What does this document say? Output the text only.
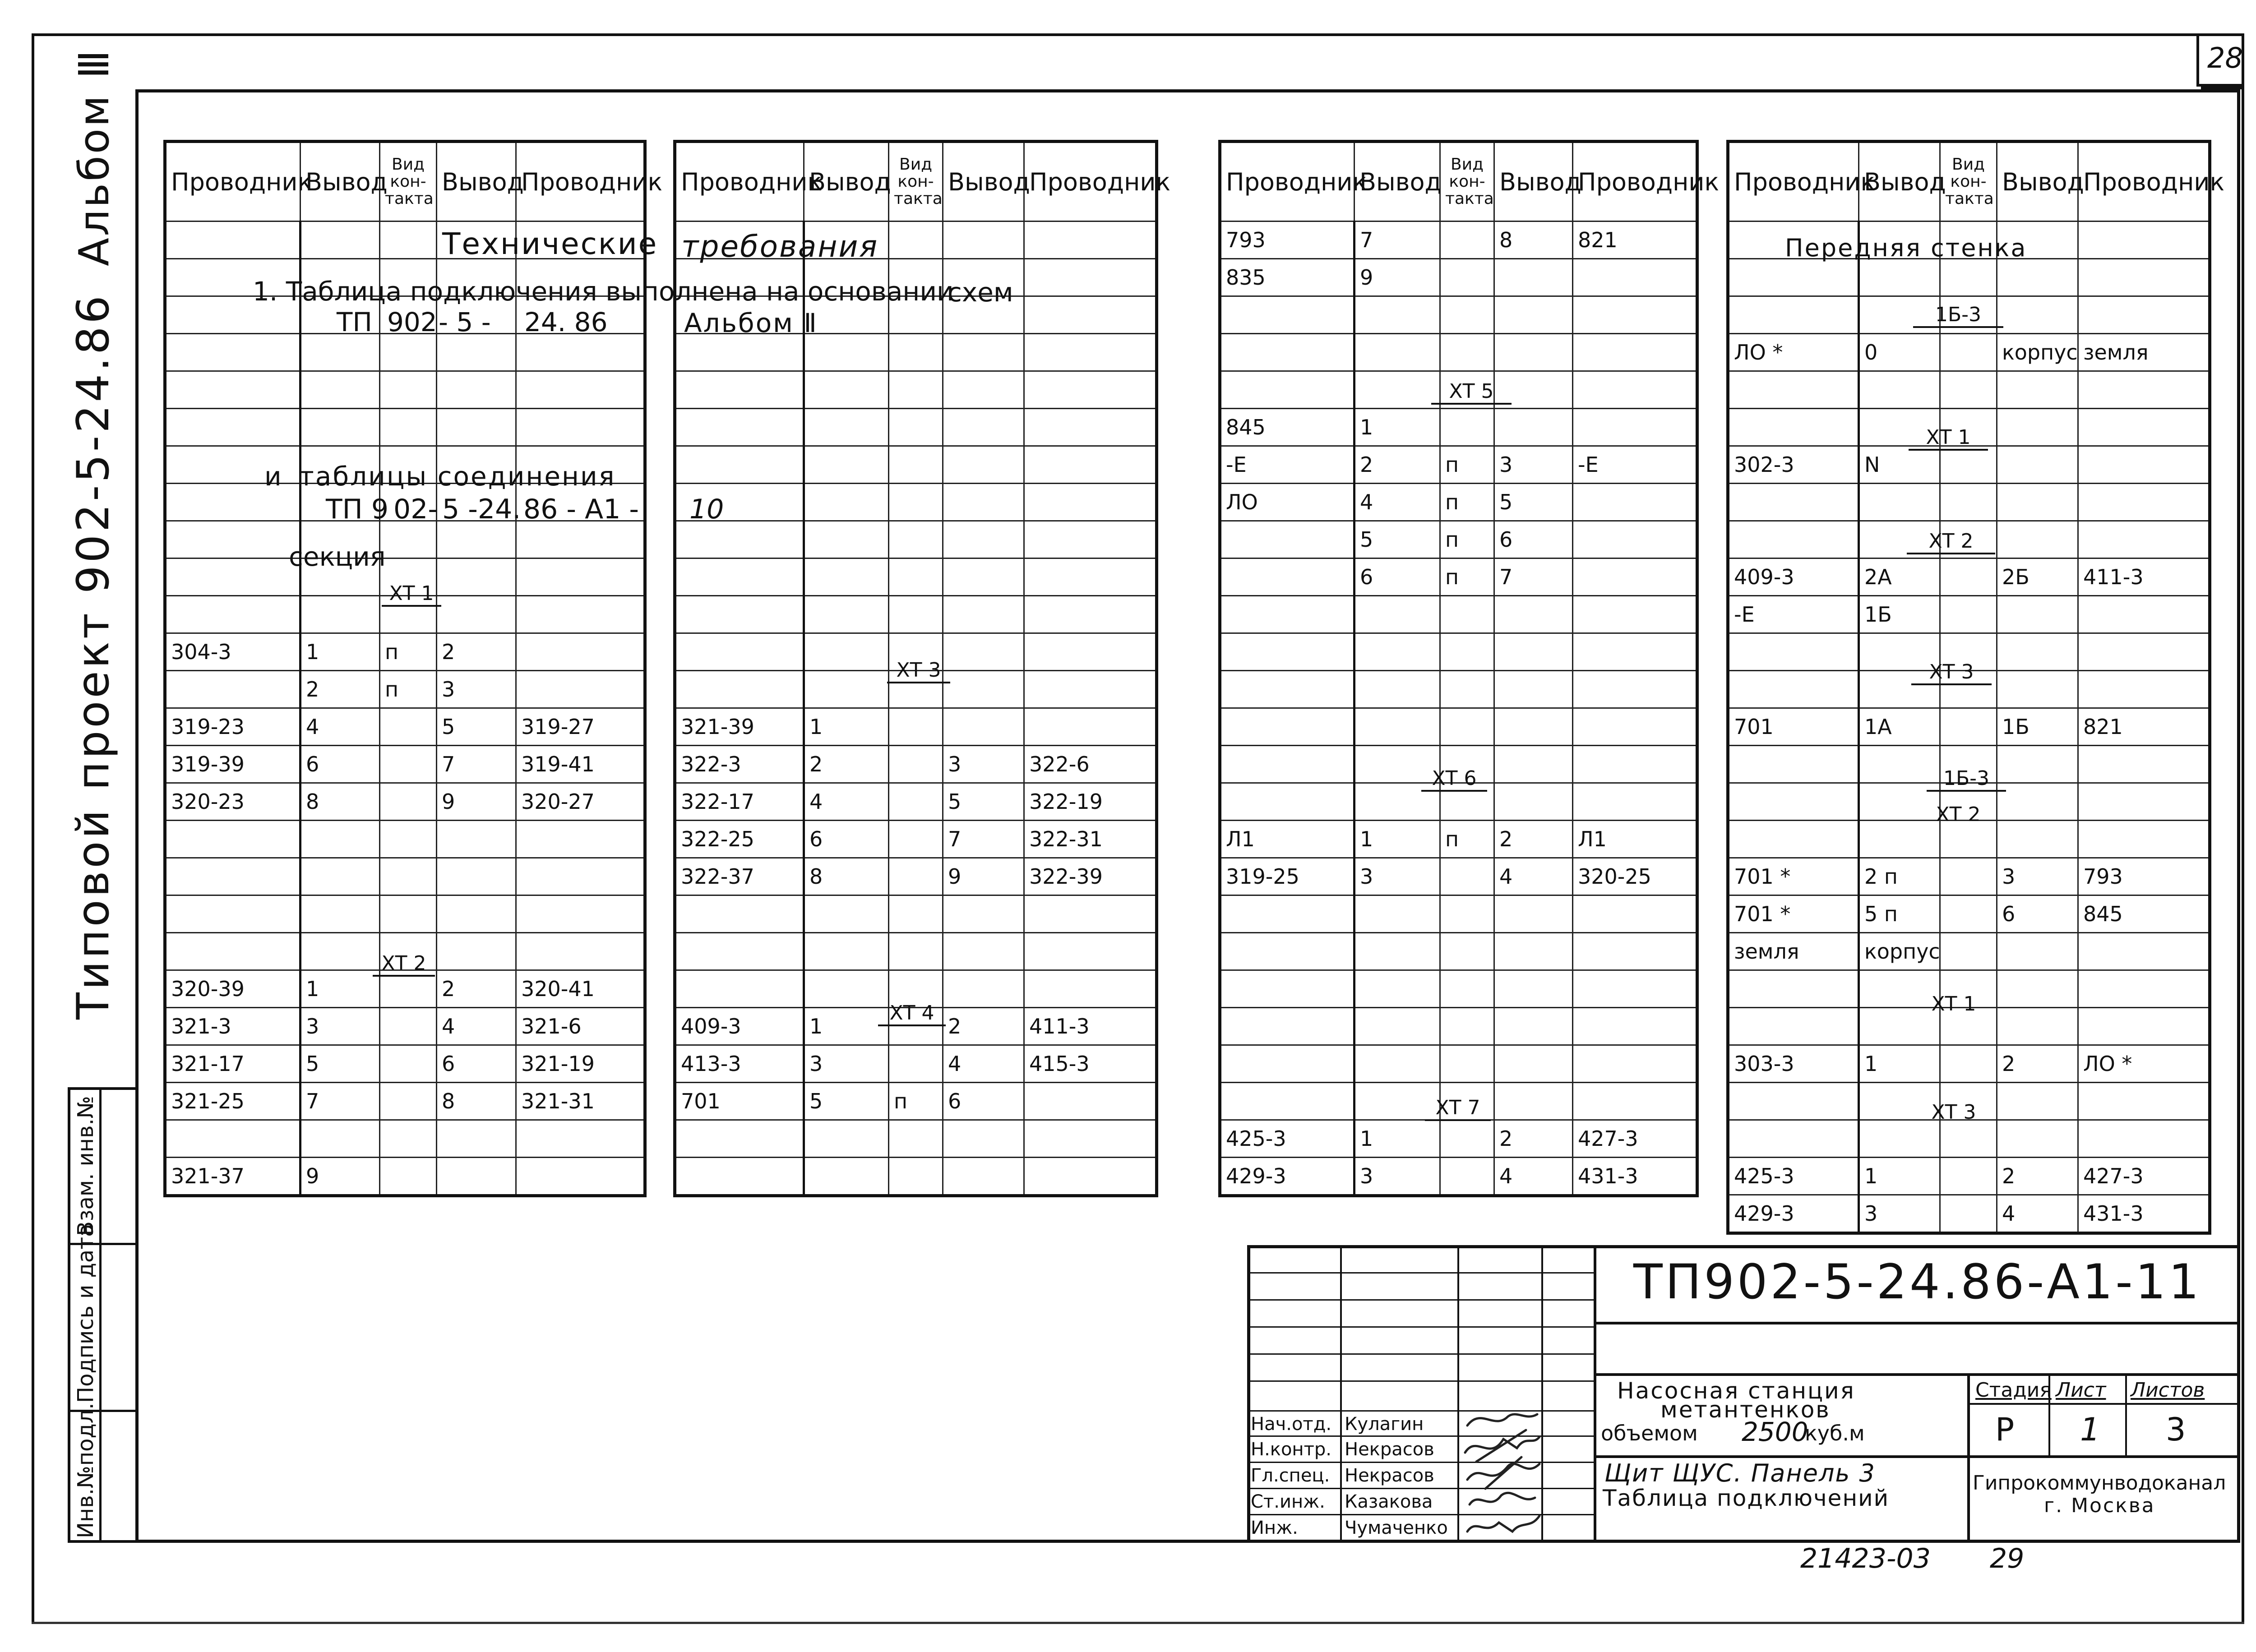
28
Взам. инв.№
Подпись и дата
Инв.№подл.
Альбом Ⅲ
Типовой проект 902-5-24.86
Проводник	Вывод	Вид
кон-
такта	Вывод	Проводник

304-3	1	п	2	
	2	п	3	
319-23	4		5	319-27
319-39	6		7	319-41
320-23	8		9	320-27

320-39	1		2	320-41
321-3	3		4	321-6
321-17	5		6	321-19
321-25	7		8	321-31

321-37	9			
Проводник	Вывод	Вид
кон-
такта	Вывод	Проводник

321-39	1			
322-3	2		3	322-6
322-17	4		5	322-19
322-25	6		7	322-31
322-37	8		9	322-39

409-3	1		2	411-3
413-3	3		4	415-3
701	5	п	6	

Проводник	Вывод	Вид
кон-
такта	Вывод	Проводник
793	7		8	821
835	9			

845	1			
-Е	2	п	3	-Е
ЛО	4	п	5	
	5	п	6	
	6	п	7	

Л1	1	п	2	Л1
319-25	3		4	320-25

425-3	1		2	427-3
429-3	3		4	431-3
Проводник	Вывод	Вид
кон-
такта	Вывод	Проводник

ЛО *	0		корпус	земля

302-3	N			

409-3	2А		2Б	411-3
-Е	1Б			

701	1А		1Б	821

701 *	2 п		3	793
701 *	5 п		6	845
земля	корпус			

303-3	1		2	ЛО *

425-3	1		2	427-3
429-3	3		4	431-3
Технические требования
1. Таблица подключения выполнена на основании
схем
ТП 902 - 5 - 24. 86	Альбом Ⅱ
и таблицы соединения
ТП 9 02- 5 -24. 86 - А1 - 10
секция
Передняя стенка
ХТ 1
ХТ 2
ХТ 3
ХТ 4
ХТ 5
ХТ 6
ХТ 7
1Б-3
ХТ 1
ХТ 2
ХТ 3
1Б-3
ХТ 2
ХТ 1
ХТ 3
ТП902-5-24.86-А1-11
Насосная станция
метантенков
объемом 2500
куб.м
Щит ЩУС. Панель 3
Таблица подключений
Стадия Лист Листов
Р 1 3
Гипрокоммунводоканал
г. Москва
Нач.отд.
Н.контр.
Гл.спец.
Ст.инж.
Инж.
Кулагин
Некрасов
Некрасов
Казакова
Чумаченко
21423-03 29
